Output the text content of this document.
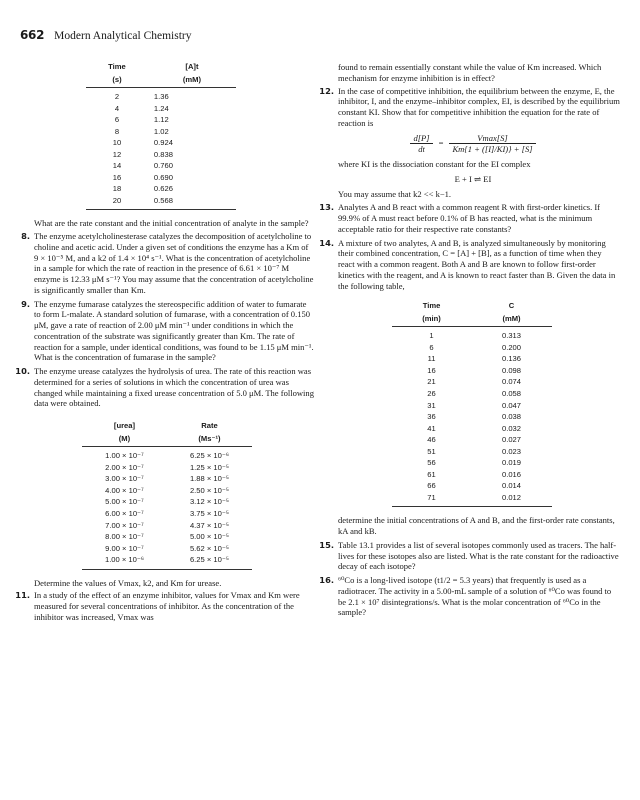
662 Modern Analytical Chemistry
Time	[A]t
(s)	(mM)
2	1.36
4	1.24
6	1.12
8	1.02
10	0.924
12	0.838
14	0.760
16	0.690
18	0.626
20	0.568

What are the rate constant and the initial concentration of analyte in the sample?

8. The enzyme acetylcholinesterase catalyzes the decomposition of acetylcholine to choline and acetic acid. Under a given set of conditions the enzyme has a Km of 9 × 10⁻⁵ M, and a k2 of 1.4 × 10⁴ s⁻¹. What is the concentration of acetylcholine in a sample for which the rate of reaction in the presence of 6.61 × 10⁻⁷ M enzyme is 12.33 μM s⁻¹? You may assume that the concentration of acetylcholine is significantly smaller than Km.

9. The enzyme fumarase catalyzes the stereospecific addition of water to fumarate to form L-malate. A standard solution of fumarase, with a concentration of 0.150 μM, gave a rate of reaction of 2.00 μM min⁻¹ under conditions in which the concentration of the substrate was significantly greater than Km. The rate of reaction for a sample, under identical conditions, was found to be 1.15 μM min⁻¹. What is the concentration of fumarase in the sample?

10. The enzyme urease catalyzes the hydrolysis of urea. The rate of this reaction was determined for a series of solutions in which the concentration of urea was changed while maintaining a fixed urease concentration of 5.0 μM. The following data were obtained.

[urea]	Rate
(M)	(Ms⁻¹)
1.00 × 10⁻⁷	6.25 × 10⁻⁶
2.00 × 10⁻⁷	1.25 × 10⁻⁵
3.00 × 10⁻⁷	1.88 × 10⁻⁵
4.00 × 10⁻⁷	2.50 × 10⁻⁵
5.00 × 10⁻⁷	3.12 × 10⁻⁵
6.00 × 10⁻⁷	3.75 × 10⁻⁵
7.00 × 10⁻⁷	4.37 × 10⁻⁵
8.00 × 10⁻⁷	5.00 × 10⁻⁵
9.00 × 10⁻⁷	5.62 × 10⁻⁵
1.00 × 10⁻⁶	6.25 × 10⁻⁵

Determine the values of Vmax, k2, and Km for urease.

11. In a study of the effect of an enzyme inhibitor, values for Vmax and Km were measured for several concentrations of inhibitor. As the concentration of the inhibitor was increased, Vmax was

found to remain essentially constant while the value of Km increased. Which mechanism for enzyme inhibition is in effect?

12. In the case of competitive inhibition, the equilibrium between the enzyme, E, the inhibitor, I, and the enzyme–inhibitor complex, EI, is described by the equilibrium constant KI. Show that for competitive inhibition the equation for the rate of reaction is

$\frac{d[P]}{dt} = \frac{Vmax[S]}{Km\{1 + ([I]/KI)\} + [S]}$

where KI is the dissociation constant for the EI complex

E + I ⇌ EI

You may assume that k2 << k−1.

13. Analytes A and B react with a common reagent R with first-order kinetics. If 99.9% of A must react before 0.1% of B has reacted, what is the minimum acceptable ratio for their respective rate constants?

14. A mixture of two analytes, A and B, is analyzed simultaneously by monitoring their combined concentration, C = [A] + [B], as a function of time when they react with a common reagent. Both A and B are known to follow first-order kinetics with the reagent, and A is known to react faster than B. Given the data in the following table,

Time	C
(min)	(mM)
1	0.313
6	0.200
11	0.136
16	0.098
21	0.074
26	0.058
31	0.047
36	0.038
41	0.032
46	0.027
51	0.023
56	0.019
61	0.016
66	0.014
71	0.012

determine the initial concentrations of A and B, and the first-order rate constants, kA and kB.

15. Table 13.1 provides a list of several isotopes commonly used as tracers. The half-lives for these isotopes also are listed. What is the rate constant for the radioactive decay of each isotope?

16. ⁶⁰Co is a long-lived isotope (t1/2 = 5.3 years) that frequently is used as a radiotracer. The activity in a 5.00-mL sample of a solution of ⁶⁰Co was found to be 2.1 × 10⁷ disintegrations/s. What is the molar concentration of ⁶⁰Co in the sample?
